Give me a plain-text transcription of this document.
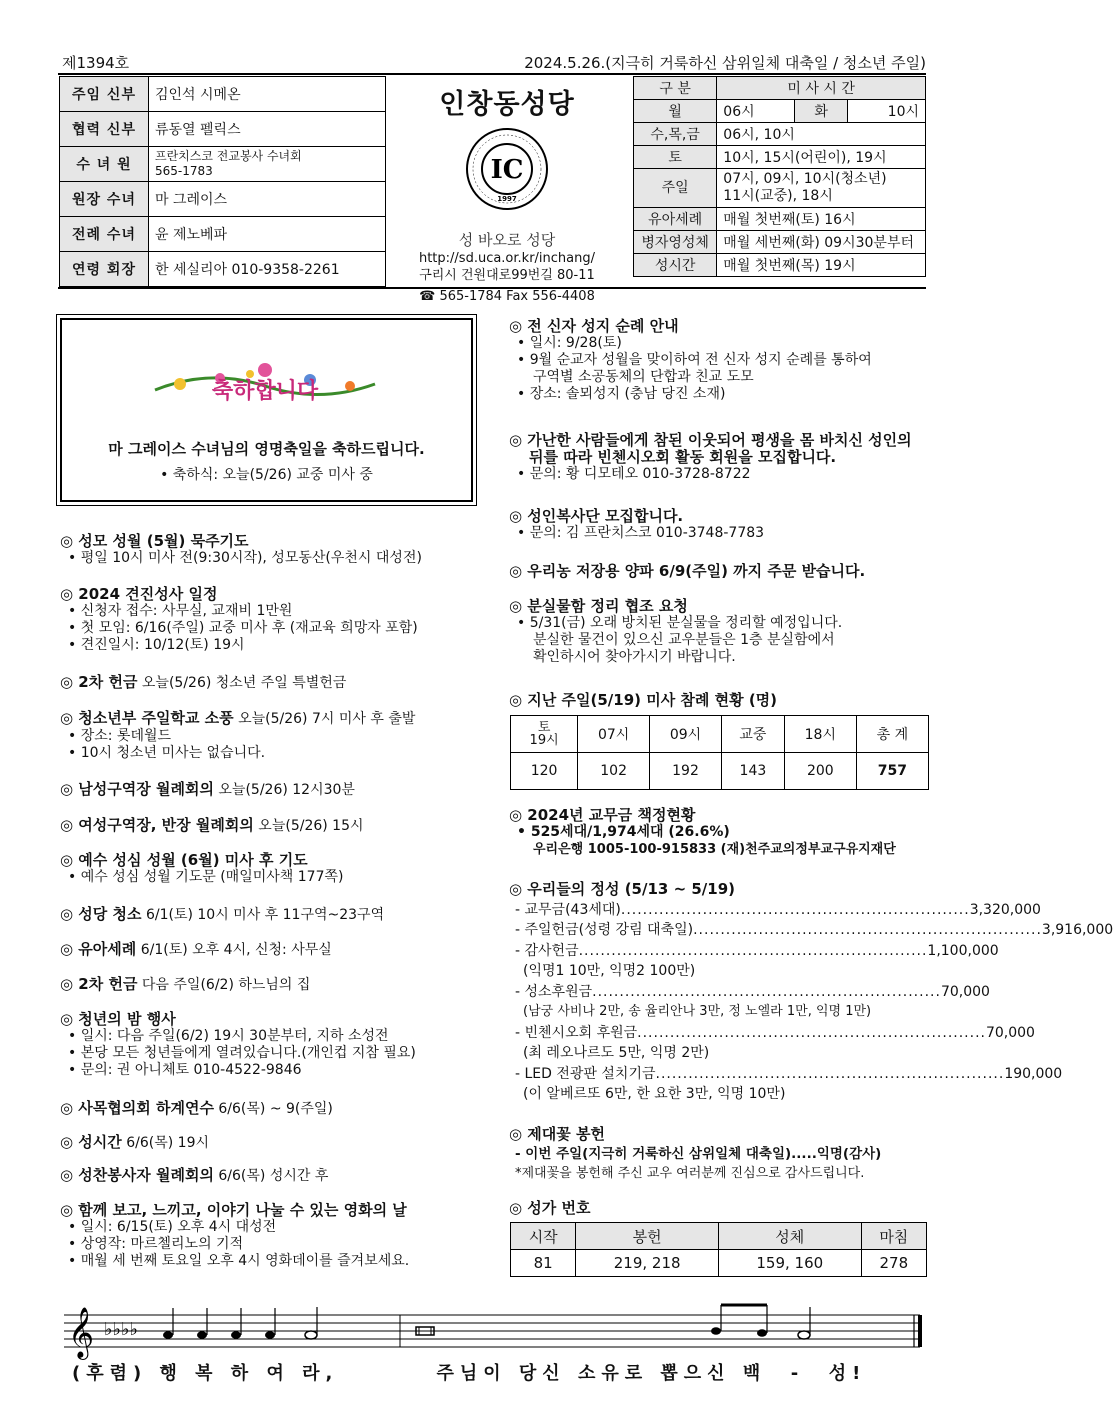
제1394호	2024.5.26.(지극히 거룩하신 삼위일체 대축일 / 청소년 주일)
주임 신부	김인석 시메온
협력 신부	류동열 펠릭스
수 녀 원	프란치스코 전교봉사 수녀회
565-1783
원장 수녀	마 그레이스
전례 수녀	윤 제노베파
연령 회장	한 세실리아 010-9358-2261
인창동성당
IC
1997
성 바오로 성당
http://sd.uca.or.kr/inchang/
구리시 건원대로99번길 80-11
☎ 565-1784 Fax 556-4408
구 분	미 사 시 간		
월	06시	화	10시
수,목,금	06시, 10시		
토	10시, 15시(어린이), 19시		
주일	07시, 09시, 10시(청소년)
11시(교중), 18시		
유아세례	매월 첫번째(토) 16시		
병자영성체	매월 세번째(화) 09시30분부터		
성시간	매월 첫번째(목) 19시		
축하합니다
마 그레이스 수녀님의 영명축일을 축하드립니다.
• 축하식: 오늘(5/26) 교중 미사 중
◎ 성모 성월 (5월) 묵주기도
• 평일 10시 미사 전(9:30시작), 성모동산(우천시 대성전)
◎ 2024 견진성사 일정
• 신청자 접수: 사무실, 교재비 1만원
• 첫 모임: 6/16(주일) 교중 미사 후 (재교육 희망자 포함)
• 견진일시: 10/12(토) 19시
◎ 2차 헌금 오늘(5/26) 청소년 주일 특별헌금
◎ 청소년부 주일학교 소풍 오늘(5/26) 7시 미사 후 출발
• 장소: 롯데월드
• 10시 청소년 미사는 없습니다.
◎ 남성구역장 월례회의 오늘(5/26) 12시30분
◎ 여성구역장, 반장 월례회의 오늘(5/26) 15시
◎ 예수 성심 성월 (6월) 미사 후 기도
• 예수 성심 성월 기도문 (매일미사책 177쪽)
◎ 성당 청소 6/1(토) 10시 미사 후 11구역~23구역
◎ 유아세례 6/1(토) 오후 4시, 신청: 사무실
◎ 2차 헌금 다음 주일(6/2) 하느님의 집
◎ 청년의 밤 행사
• 일시: 다음 주일(6/2) 19시 30분부터, 지하 소성전
• 본당 모든 청년들에게 열려있습니다.(개인컵 지참 필요)
• 문의: 권 아니체토 010-4522-9846
◎ 사목협의회 하계연수 6/6(목) ~ 9(주일)
◎ 성시간 6/6(목) 19시
◎ 성찬봉사자 월례회의 6/6(목) 성시간 후
◎ 함께 보고, 느끼고, 이야기 나눌 수 있는 영화의 날
• 일시: 6/15(토) 오후 4시 대성전
• 상영작: 마르첼리노의 기적
• 매월 세 번째 토요일 오후 4시 영화데이를 즐겨보세요.
◎ 전 신자 성지 순례 안내
• 일시: 9/28(토)
• 9월 순교자 성월을 맞이하여 전 신자 성지 순례를 통하여
구역별 소공동체의 단합과 친교 도모
• 장소: 솔뫼성지 (충남 당진 소재)
◎ 가난한 사람들에게 참된 이웃되어 평생을 몸 바치신 성인의
뒤를 따라 빈첸시오회 활동 회원을 모집합니다.
• 문의: 황 디모테오 010-3728-8722
◎ 성인복사단 모집합니다.
• 문의: 김 프란치스코 010-3748-7783
◎ 우리농 저장용 양파 6/9(주일) 까지 주문 받습니다.
◎ 분실물함 정리 협조 요청
• 5/31(금) 오래 방치된 분실물을 정리할 예정입니다.
분실한 물건이 있으신 교우분들은 1층 분실함에서
확인하시어 찾아가시기 바랍니다.
◎ 지난 주일(5/19) 미사 참례 현황 (명)
토
19시	07시	09시	교중	18시	총 계
120	102	192	143	200	757
◎ 2024년 교무금 책정현황
• 525세대/1,974세대 (26.6%)
우리은행 1005-100-915833 (재)천주교의정부교구유지재단
◎ 우리들의 정성 (5/13 ~ 5/19)
- 교무금(43세대) ................................................................ 3,320,000
- 주일헌금(성령 강림 대축일) ................................................................ 3,916,000
- 감사헌금 ................................................................ 1,100,000
(익명1 10만, 익명2 100만)
- 성소후원금 ................................................................ 70,000
(남궁 사비나 2만, 송 율리안나 3만, 정 노엘라 1만, 익명 1만)
- 빈첸시오회 후원금 ................................................................ 70,000
(최 레오나르도 5만, 익명 2만)
- LED 전광판 설치기금 ................................................................ 190,000
(이 알베르또 6만, 한 요한 3만, 익명 10만)
◎ 제대꽃 봉헌
- 이번 주일(지극히 거룩하신 삼위일체 대축일).....익명(감사)
*제대꽃을 봉헌해 주신 교우 여러분께 진심으로 감사드립니다.
◎ 성가 번호
시작	봉헌	성체	마침
81	219, 218	159, 160	278
𝄞 ♭♭♭♭
(후렴) 행 복 하 여 라,	주님이 당신 소유로 뽑으신 백  -  성!
